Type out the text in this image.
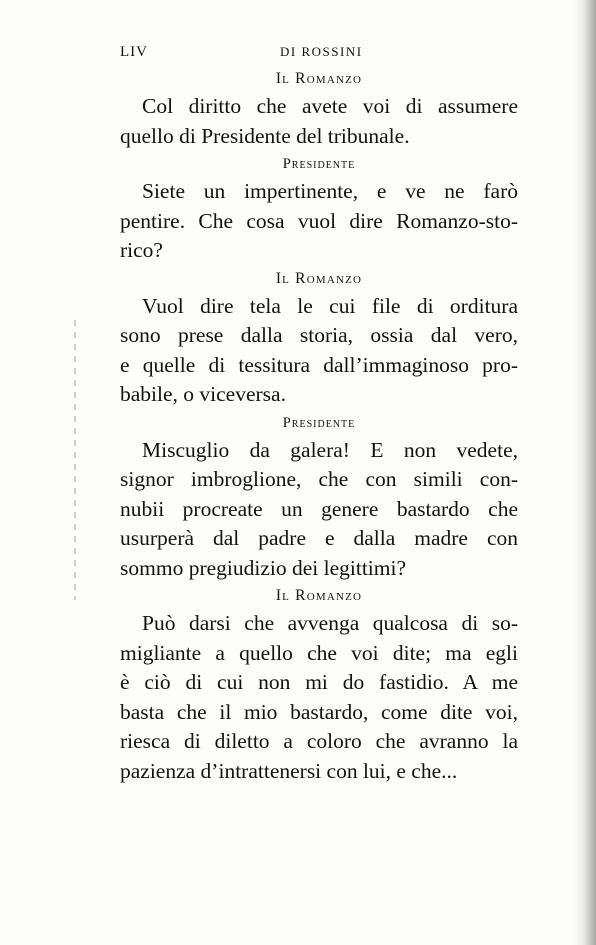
LIV	DI ROSSINI
Il Romanzo
Col diritto che avete voi di assumere
quello di Presidente del tribunale.
Presidente
Siete un impertinente, e ve ne farò
pentire. Che cosa vuol dire Romanzo-sto-
rico?
Il Romanzo
Vuol dire tela le cui file di orditura
sono prese dalla storia, ossia dal vero,
e quelle di tessitura dall’immaginoso pro-
babile, o viceversa.
Presidente
Miscuglio da galera! E non vedete,
signor imbroglione, che con simili con-
nubii procreate un genere bastardo che
usurperà dal padre e dalla madre con
sommo pregiudizio dei legittimi?
Il Romanzo
Può darsi che avvenga qualcosa di so-
migliante a quello che voi dite; ma egli
è ciò di cui non mi do fastidio. A me
basta che il mio bastardo, come dite voi,
riesca di diletto a coloro che avranno la
pazienza d’intrattenersi con lui, e che...
